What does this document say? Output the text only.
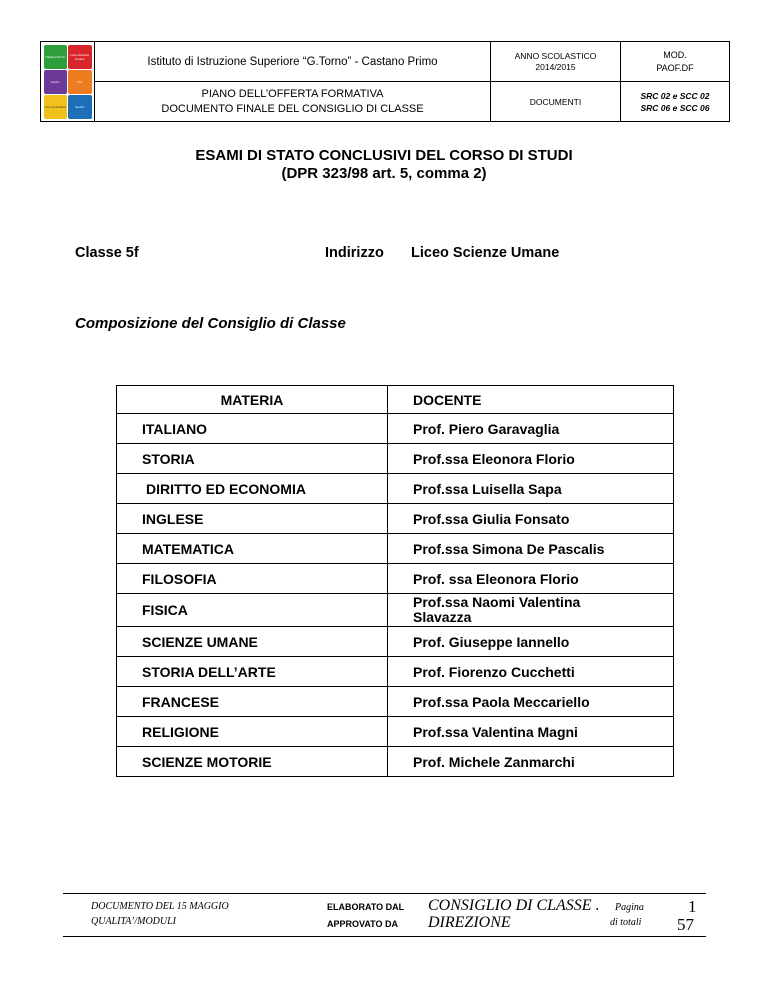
Castano Primo	Liceo Scienze Umane
Centro	ITC
Liceo Scientifico	Servizi
Istituto di Istruzione Superiore “G.Torno” - Castano Primo	ANNO SCOLASTICO
2014/2015
MOD.
PAOF.DF
PIANO DELL’OFFERTA FORMATIVA
DOCUMENTO FINALE DEL CONSIGLIO DI CLASSE
DOCUMENTI
SRC 02 e SCC 02
SRC 06 e SCC 06
ESAMI DI STATO CONCLUSIVI DEL CORSO DI STUDI
(DPR 323/98 art. 5, comma 2)
Classe 5f	Indirizzo Liceo Scienze Umane
Composizione del Consiglio di Classe
MATERIA	DOCENTE
ITALIANO	Prof. Piero Garavaglia
STORIA	Prof.ssa Eleonora Florio
DIRITTO ED ECONOMIA	Prof.ssa Luisella Sapa
INGLESE	Prof.ssa Giulia Fonsato
MATEMATICA	Prof.ssa Simona De Pascalis
FILOSOFIA	Prof. ssa Eleonora Florio
FISICA	Prof.ssa Naomi Valentina
Slavazza

SCIENZE UMANE	Prof. Giuseppe Iannello
STORIA DELL’ARTE	Prof. Fiorenzo Cucchetti
FRANCESE	Prof.ssa Paola Meccariello
RELIGIONE	Prof.ssa Valentina Magni
SCIENZE MOTORIE	Prof. Michele Zanmarchi
DOCUMENTO DEL 15 MAGGIO
QUALITA’/MODULI
ELABORATO DAL
APPROVATO DA
CONSIGLIO DI CLASSE .
DIREZIONE
Pagina
di totali
1
57
